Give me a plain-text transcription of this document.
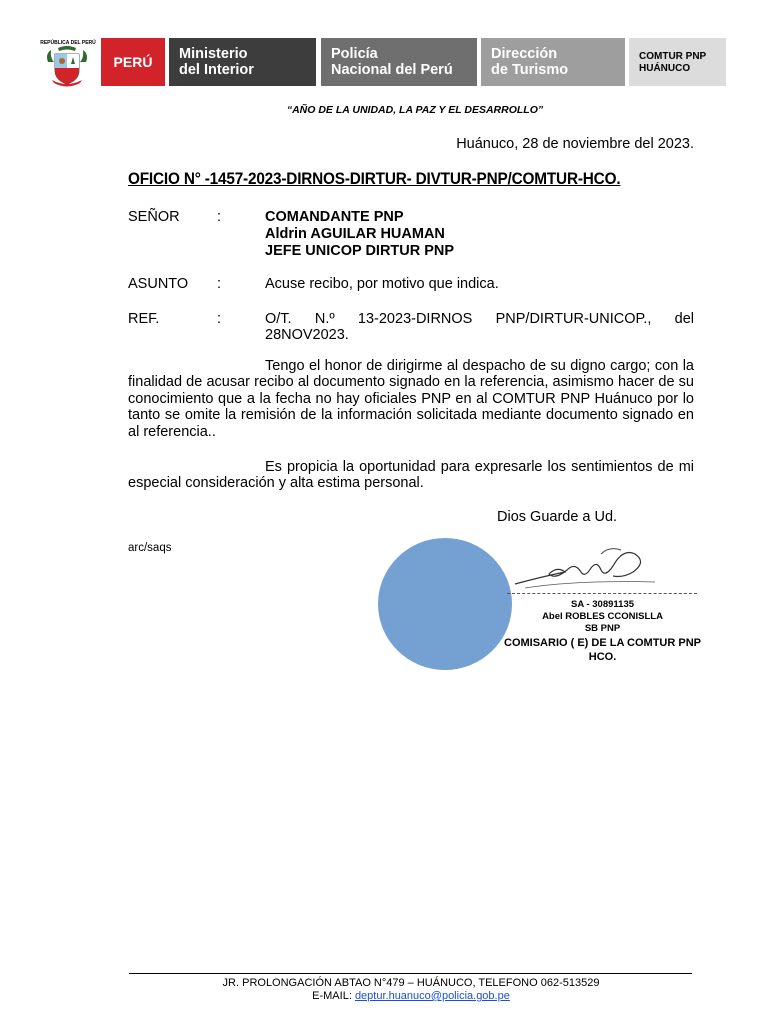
REPÚBLICA DEL PERÚ
PERÚ	Ministerio
del Interior
Policía
Nacional del Perú
Dirección
de Turismo
COMTUR PNP
HUÁNUCO
“AÑO DE LA UNIDAD, LA PAZ Y EL DESARROLLO”
Huánuco, 28 de noviembre del 2023.
OFICIO N° -1457-2023-DIRNOS-DIRTUR- DIVTUR-PNP/COMTUR-HCO.
SEÑOR	:	COMANDANTE PNP
Aldrin AGUILAR HUAMAN
JEFE UNICOP DIRTUR PNP
ASUNTO :	Acuse recibo, por motivo que indica.
REF.	:	O/T. N.º 13-2023-DIRNOS PNP/DIRTUR-UNICOP., del
28NOV2023.
Tengo el honor de dirigirme al despacho de su digno cargo; con la finalidad de acusar recibo al documento signado en la referencia, asimismo hacer de su conocimiento que a la fecha no hay oficiales PNP en al COMTUR PNP Huánuco por lo tanto se omite la remisión de la información solicitada mediante documento signado en al referencia..
Es propicia la oportunidad para expresarle los sentimientos de mi especial consideración y alta estima personal.
Dios Guarde a Ud.
arc/saqs
SA - 30891135
Abel ROBLES CCONISLLA
SB PNP
COMISARIO ( E) DE LA COMTUR PNP
HCO.
JR. PROLONGACIÓN ABTAO N°479 – HUÁNUCO, TELEFONO 062-513529
E-MAIL: deptur.huanuco@policia.gob.pe
